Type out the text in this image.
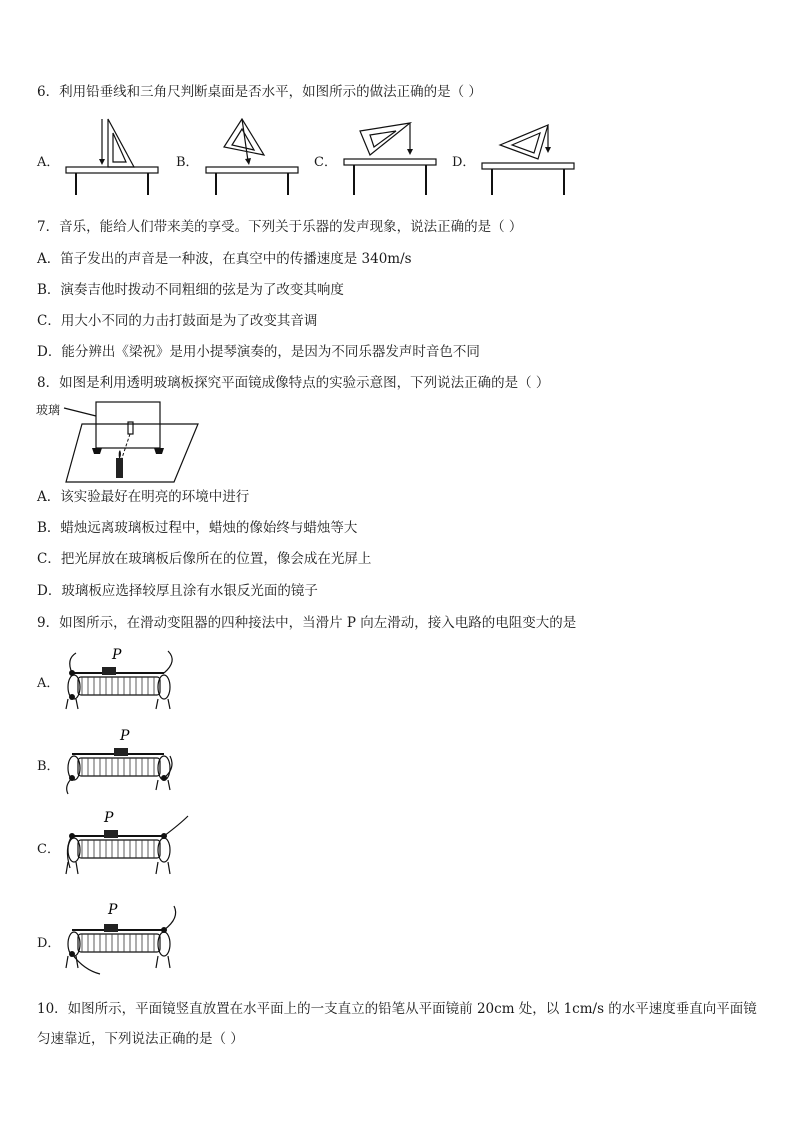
6．利用铅垂线和三角尺判断桌面是否水平，如图所示的做法正确的是（ ）
A．	B．	C．	D．
7．音乐，能给人们带来美的享受。下列关于乐器的发声现象，说法正确的是（ ）
A．笛子发出的声音是一种波，在真空中的传播速度是 340m/s
B．演奏吉他时拨动不同粗细的弦是为了改变其响度
C．用大小不同的力击打鼓面是为了改变其音调
D．能分辨出《梁祝》是用小提琴演奏的，是因为不同乐器发声时音色不同
8．如图是利用透明玻璃板探究平面镜成像特点的实验示意图，下列说法正确的是（ ）
玻璃
A．该实验最好在明亮的环境中进行
B．蜡烛远离玻璃板过程中，蜡烛的像始终与蜡烛等大
C．把光屏放在玻璃板后像所在的位置，像会成在光屏上
D．玻璃板应选择较厚且涂有水银反光面的镜子
9．如图所示，在滑动变阻器的四种接法中，当滑片 P 向左滑动，接入电路的电阻变大的是
A．
P
B．
P
C．
P
D．
P
10．如图所示，平面镜竖直放置在水平面上的一支直立的铅笔从平面镜前 20cm 处，以 1cm/s 的水平速度垂直向平面镜
匀速靠近，下列说法正确的是（ ）
